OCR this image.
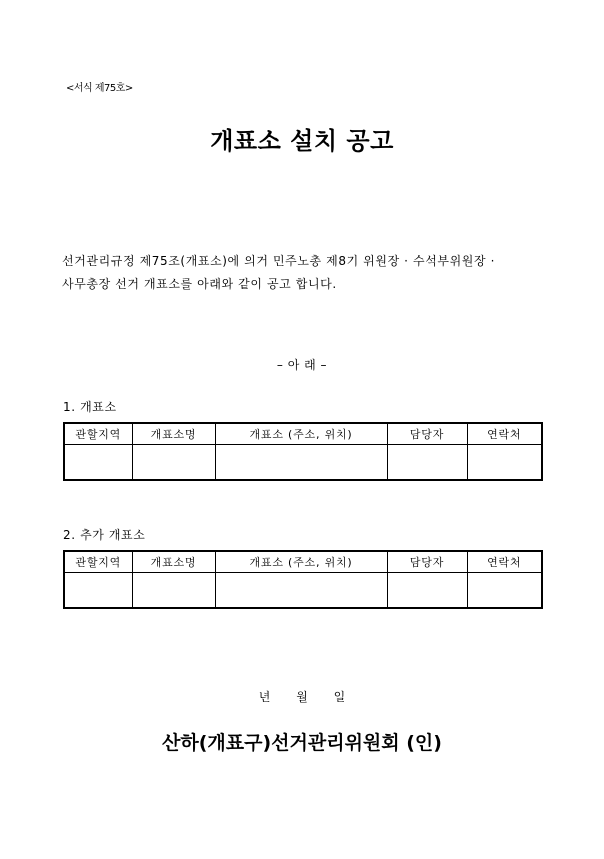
<서식 제75호>
개표소 설치 공고
선거관리규정 제75조(개표소)에 의거 민주노총 제8기 위원장 · 수석부위원장 ·
사무총장 선거 개표소를 아래와 같이 공고 합니다.
– 아 래 –
1. 개표소
관할지역	개표소명	개표소 (주소, 위치)	담당자	연락처

2. 추가 개표소
관할지역	개표소명	개표소 (주소, 위치)	담당자	연락처

년 월 일
산하(개표구)선거관리위원회 (인)
